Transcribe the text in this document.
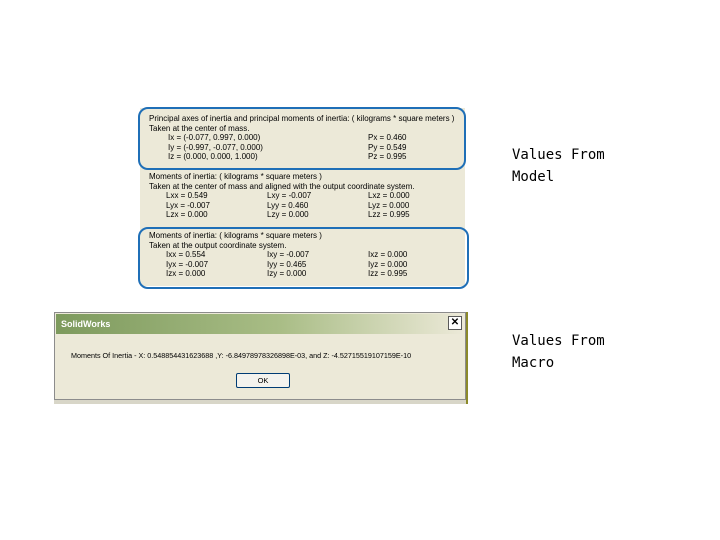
Principal axes of inertia and principal moments of inertia: ( kilograms * square meters )
Taken at the center of mass.
Ix = (-0.077, 0.997, 0.000)	Px = 0.460
Iy = (-0.997, -0.077, 0.000)	Py = 0.549
Iz = (0.000, 0.000, 1.000)	Pz = 0.995
Moments of inertia: ( kilograms * square meters )
Taken at the center of mass and aligned with the output coordinate system.
Lxx = 0.549	Lxy = -0.007	Lxz = 0.000
Lyx = -0.007	Lyy = 0.460	Lyz = 0.000
Lzx = 0.000	Lzy = 0.000	Lzz = 0.995
Moments of inertia: ( kilograms * square meters )
Taken at the output coordinate system.
Ixx = 0.554	Ixy = -0.007	Ixz = 0.000
Iyx = -0.007	Iyy = 0.465	Iyz = 0.000
Izx = 0.000	Izy = 0.000	Izz = 0.995
Values From
Model
Values From
Macro
SolidWorks	✕
Moments Of Inertia - X: 0.548854431623688 ,Y: -6.84978978326898E-03, and Z: -4.52715519107159E-10
OK
